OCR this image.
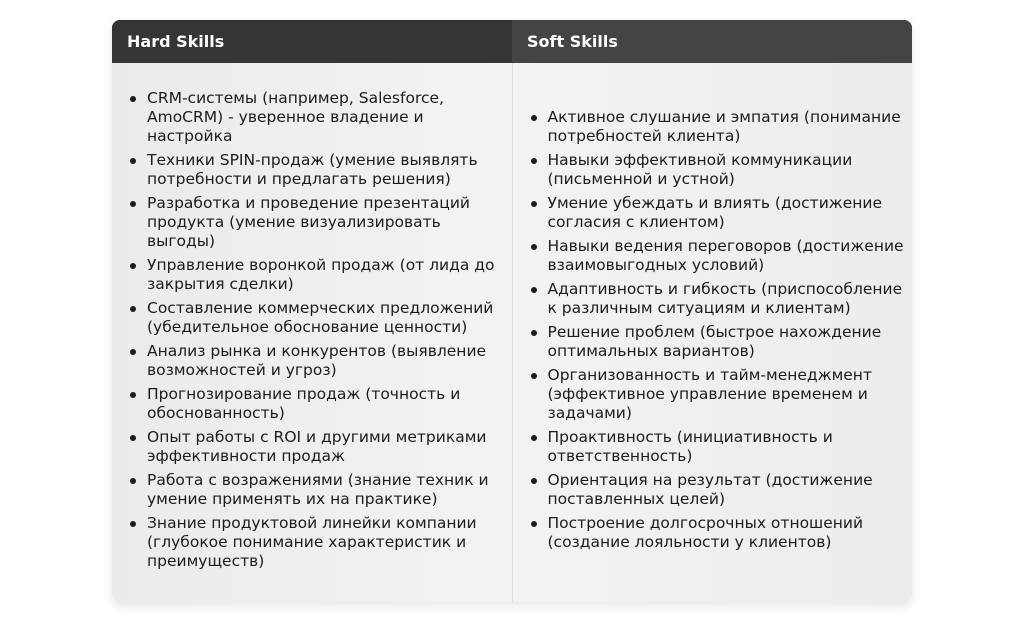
Hard Skills	Soft Skills
CRM-системы (например, Salesforce, AmoCRM) - уверенное владение и настройка
Техники SPIN-продаж (умение выявлять потребности и предлагать решения)
Разработка и проведение презентаций продукта (умение визуализировать выгоды)
Управление воронкой продаж (от лида до закрытия сделки)
Составление коммерческих предложений (убедительное обоснование ценности)
Анализ рынка и конкурентов (выявление возможностей и угроз)
Прогнозирование продаж (точность и обоснованность)
Опыт работы с ROI и другими метриками эффективности продаж
Работа с возражениями (знание техник и умение применять их на практике)
Знание продуктовой линейки компании (глубокое понимание характеристик и преимуществ)
Активное слушание и эмпатия (понимание потребностей клиента)
Навыки эффективной коммуникации (письменной и устной)
Умение убеждать и влиять (достижение согласия с клиентом)
Навыки ведения переговоров (достижение взаимовыгодных условий)
Адаптивность и гибкость (приспособление к различным ситуациям и клиентам)
Решение проблем (быстрое нахождение оптимальных вариантов)
Организованность и тайм-менеджмент (эффективное управление временем и задачами)
Проактивность (инициативность и ответственность)
Ориентация на результат (достижение поставленных целей)
Построение долгосрочных отношений (создание лояльности у клиентов)
